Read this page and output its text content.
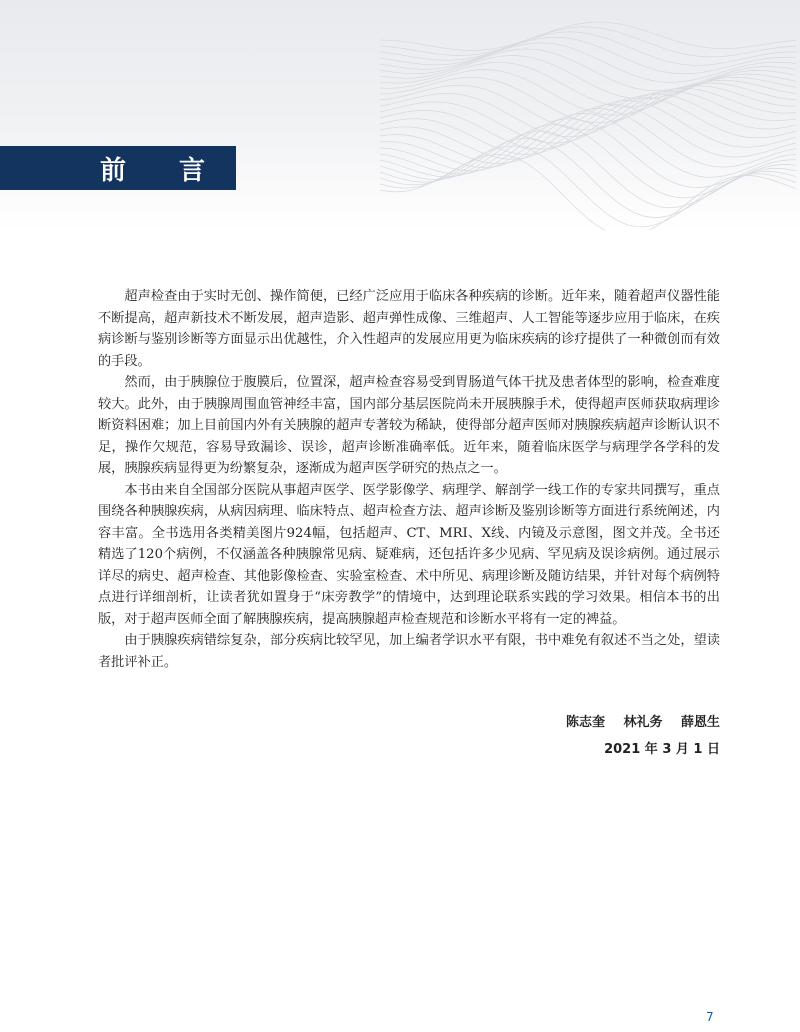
前 言

超声检查由于实时无创、操作简便，已经广泛应用于临床各种疾病的诊断。近年来，随着超声仪器性能不断提高，超声新技术不断发展，超声造影、超声弹性成像、三维超声、人工智能等逐步应用于临床，在疾病诊断与鉴别诊断等方面显示出优越性，介入性超声的发展应用更为临床疾病的诊疗提供了一种微创而有效的手段。

然而，由于胰腺位于腹膜后，位置深，超声检查容易受到胃肠道气体干扰及患者体型的影响，检查难度较大。此外，由于胰腺周围血管神经丰富，国内部分基层医院尚未开展胰腺手术，使得超声医师获取病理诊断资料困难；加上目前国内外有关胰腺的超声专著较为稀缺，使得部分超声医师对胰腺疾病超声诊断认识不足，操作欠规范，容易导致漏诊、误诊，超声诊断准确率低。近年来，随着临床医学与病理学各学科的发展，胰腺疾病显得更为纷繁复杂，逐渐成为超声医学研究的热点之一。

本书由来自全国部分医院从事超声医学、医学影像学、病理学、解剖学一线工作的专家共同撰写，重点围绕各种胰腺疾病，从病因病理、临床特点、超声检查方法、超声诊断及鉴别诊断等方面进行系统阐述，内容丰富。全书选用各类精美图片924幅，包括超声、CT、MRI、X线、内镜及示意图，图文并茂。全书还精选了120个病例，不仅涵盖各种胰腺常见病、疑难病，还包括许多少见病、罕见病及误诊病例。通过展示详尽的病史、超声检查、其他影像检查、实验室检查、术中所见、病理诊断及随访结果，并针对每个病例特点进行详细剖析，让读者犹如置身于“床旁教学”的情境中，达到理论联系实践的学习效果。相信本书的出版，对于超声医师全面了解胰腺疾病，提高胰腺超声检查规范和诊断水平将有一定的裨益。

由于胰腺疾病错综复杂，部分疾病比较罕见，加上编者学识水平有限，书中难免有叙述不当之处，望读者批评补正。

陈志奎 林礼务 薛恩生
2021 年 3 月 1 日
7
